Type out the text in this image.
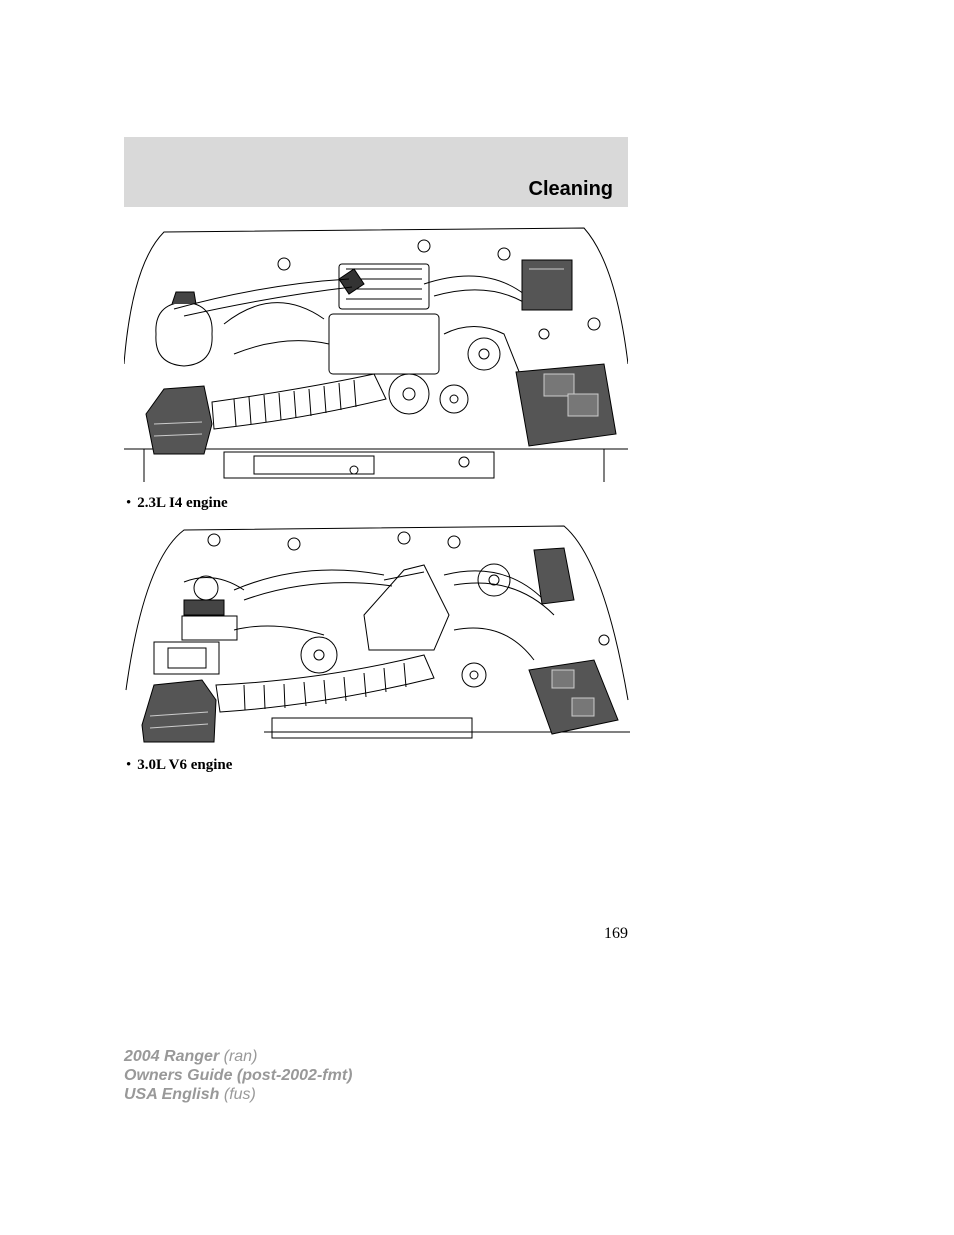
Cleaning
• 2.3L I4 engine
• 3.0L V6 engine
169
2004 Ranger (ran)
Owners Guide (post-2002-fmt)
USA English (fus)
